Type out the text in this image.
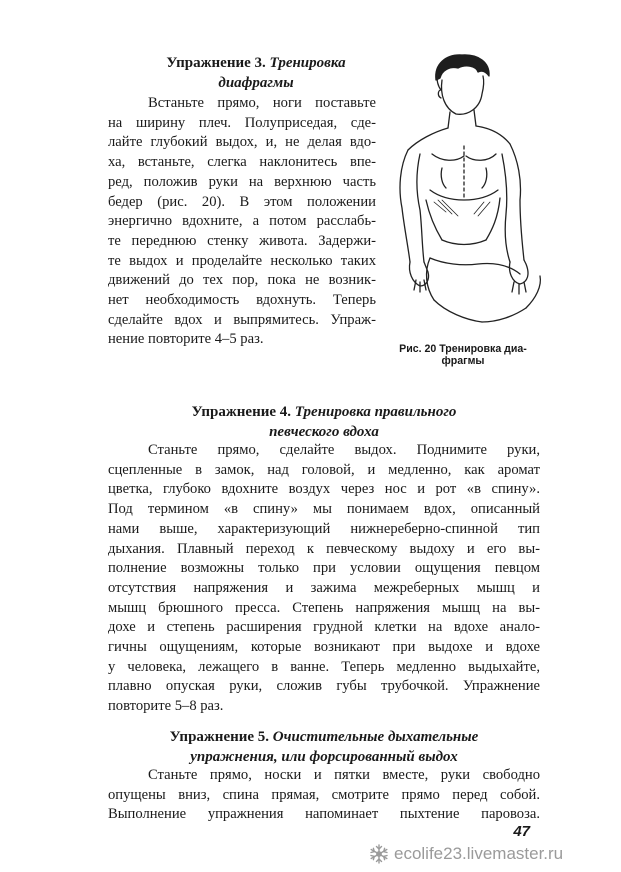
Упражнение 3. Тренировка
диафрагмы

Встаньте прямо, ноги поставьте
на ширину плеч. Полуприседая, сде-
лайте глубокий выдох, и, не делая вдо-
ха, встаньте, слегка наклонитесь впе-
ред, положив руки на верхнюю часть
бедер (рис. 20). В этом положении
энергично вдохните, а потом расслабь-
те переднюю стенку живота. Задержи-
те выдох и проделайте несколько таких
движений до тех пор, пока не возник-
нет необходимость вдохнуть. Теперь
сделайте вдох и выпрямитесь. Упраж-
нение повторите 4–5 раз.
Рис. 20 Тренировка диа-
фрагмы

Упражнение 4. Тренировка правильного
певческого вдоха

Станьте прямо, сделайте выдох. Поднимите руки,
сцепленные в замок, над головой, и медленно, как аромат
цветка, глубоко вдохните воздух через нос и рот «в спину».
Под термином «в спину» мы понимаем вдох, описанный
нами выше, характеризующий нижнереберно-спинной тип
дыхания. Плавный переход к певческому выдоху и его вы-
полнение возможны только при условии ощущения певцом
отсутствия напряжения и зажима межреберных мышц и
мышц брюшного пресса. Степень напряжения мышц на вы-
дохе и степень расширения грудной клетки на вдохе анало-
гичны ощущениям, которые возникают при выдохе и вдохе
у человека, лежащего в ванне. Теперь медленно выдыхайте,
плавно опуская руки, сложив губы трубочкой. Упражнение
повторите 5–8 раз.

Упражнение 5. Очистительные дыхательные
упражнения, или форсированный выдох

Станьте прямо, носки и пятки вместе, руки свободно
опущены вниз, спина прямая, смотрите прямо перед собой.
Выполнение упражнения напоминает пыхтение паровоза.
47
ecolife23.livemaster.ru
